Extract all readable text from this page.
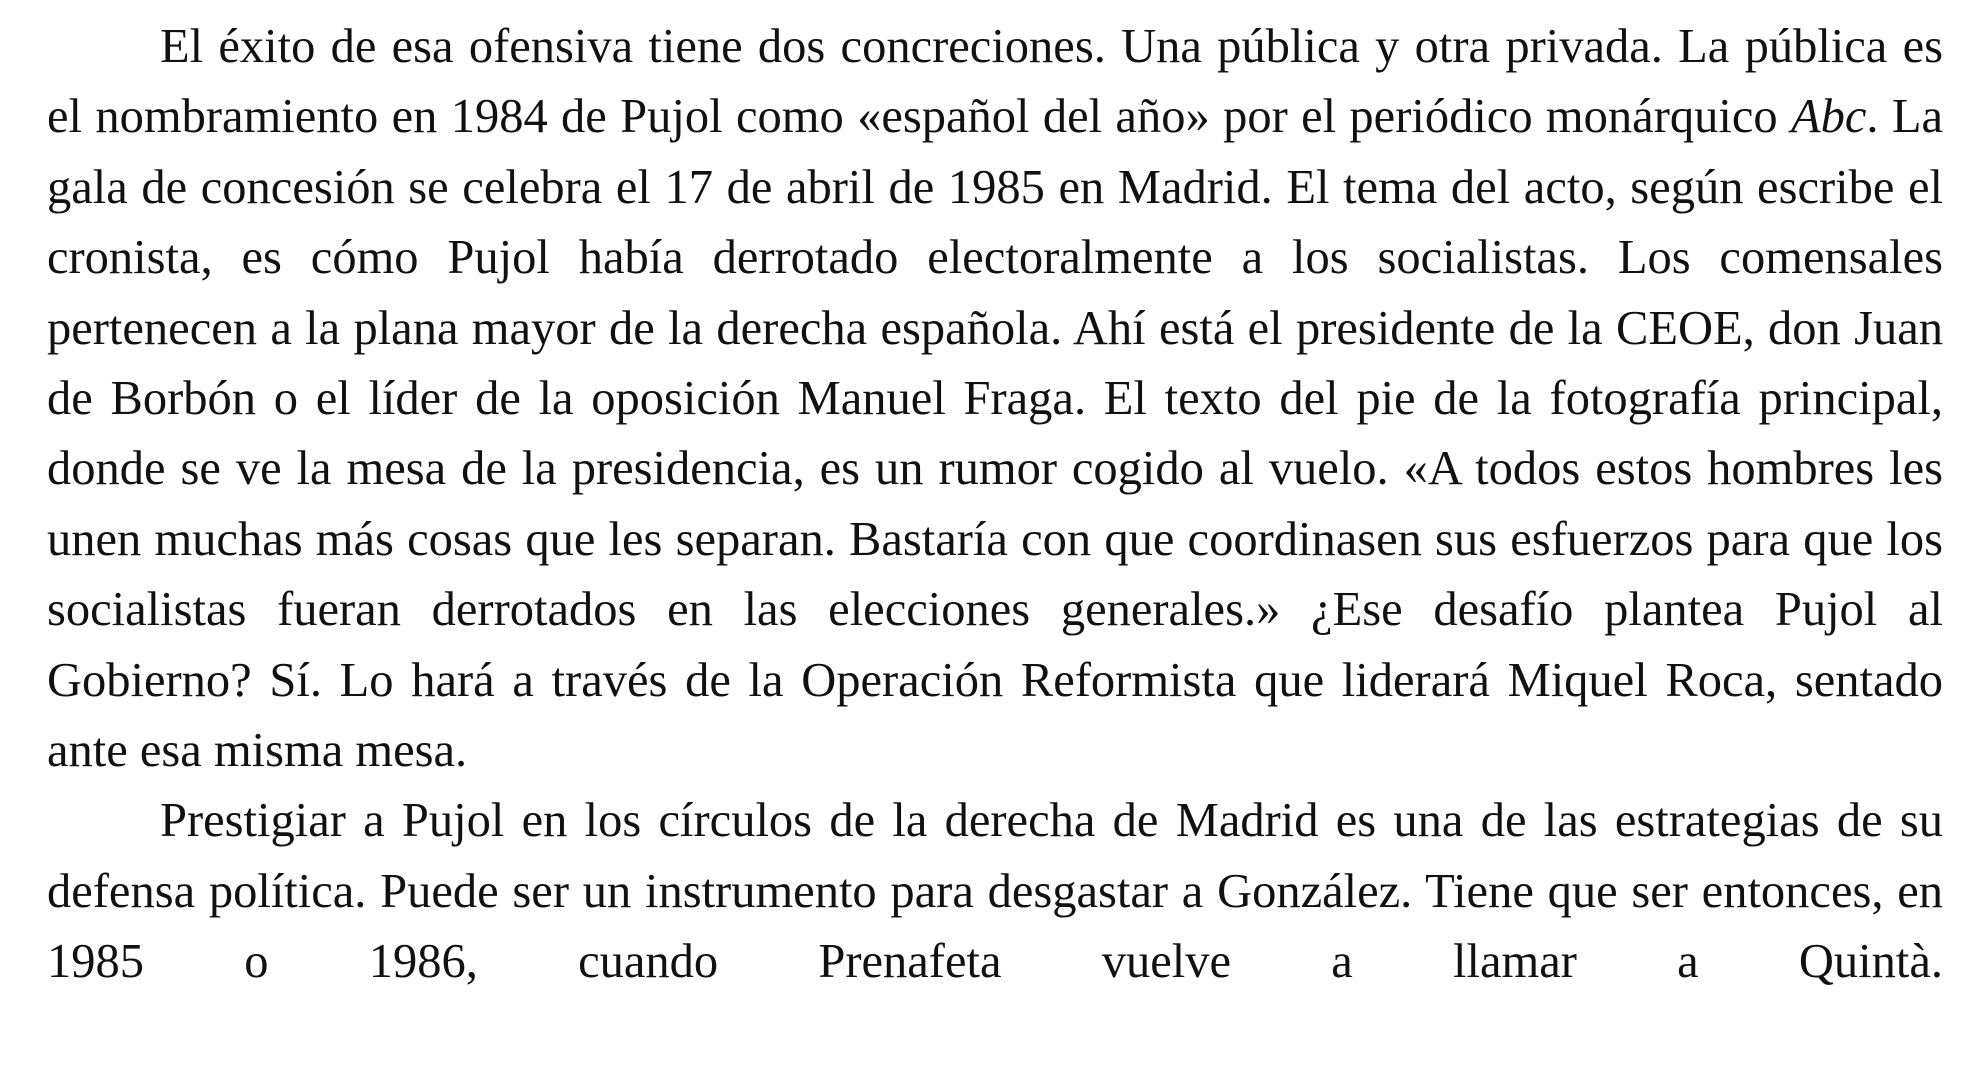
El éxito de esa ofensiva tiene dos concreciones. Una pública y otra privada. La pública es el nombramiento en 1984 de Pujol como «español del año» por el periódico monárquico Abc. La gala de concesión se celebra el 17 de abril de 1985 en Madrid. El tema del acto, según escribe el cronista, es cómo Pujol había derrotado electoralmente a los socialistas. Los comensales pertenecen a la plana mayor de la derecha española. Ahí está el presidente de la CEOE, don Juan de Borbón o el líder de la oposición Manuel Fraga. El texto del pie de la fotografía principal, donde se ve la mesa de la presidencia, es un rumor cogido al vuelo. «A todos estos hombres les unen muchas más cosas que les separan. Bastaría con que coordinasen sus esfuerzos para que los socialistas fueran derrotados en las elecciones generales.» ¿Ese desafío plantea Pujol al Gobierno? Sí. Lo hará a través de la Operación Reformista que liderará Miquel Roca, sentado ante esa misma mesa.

Prestigiar a Pujol en los círculos de la derecha de Madrid es una de las estrategias de su defensa política. Puede ser un instrumento para desgastar a González. Tiene que ser entonces, en 1985 o 1986, cuando Prenafeta vuelve a llamar a Quintà.
